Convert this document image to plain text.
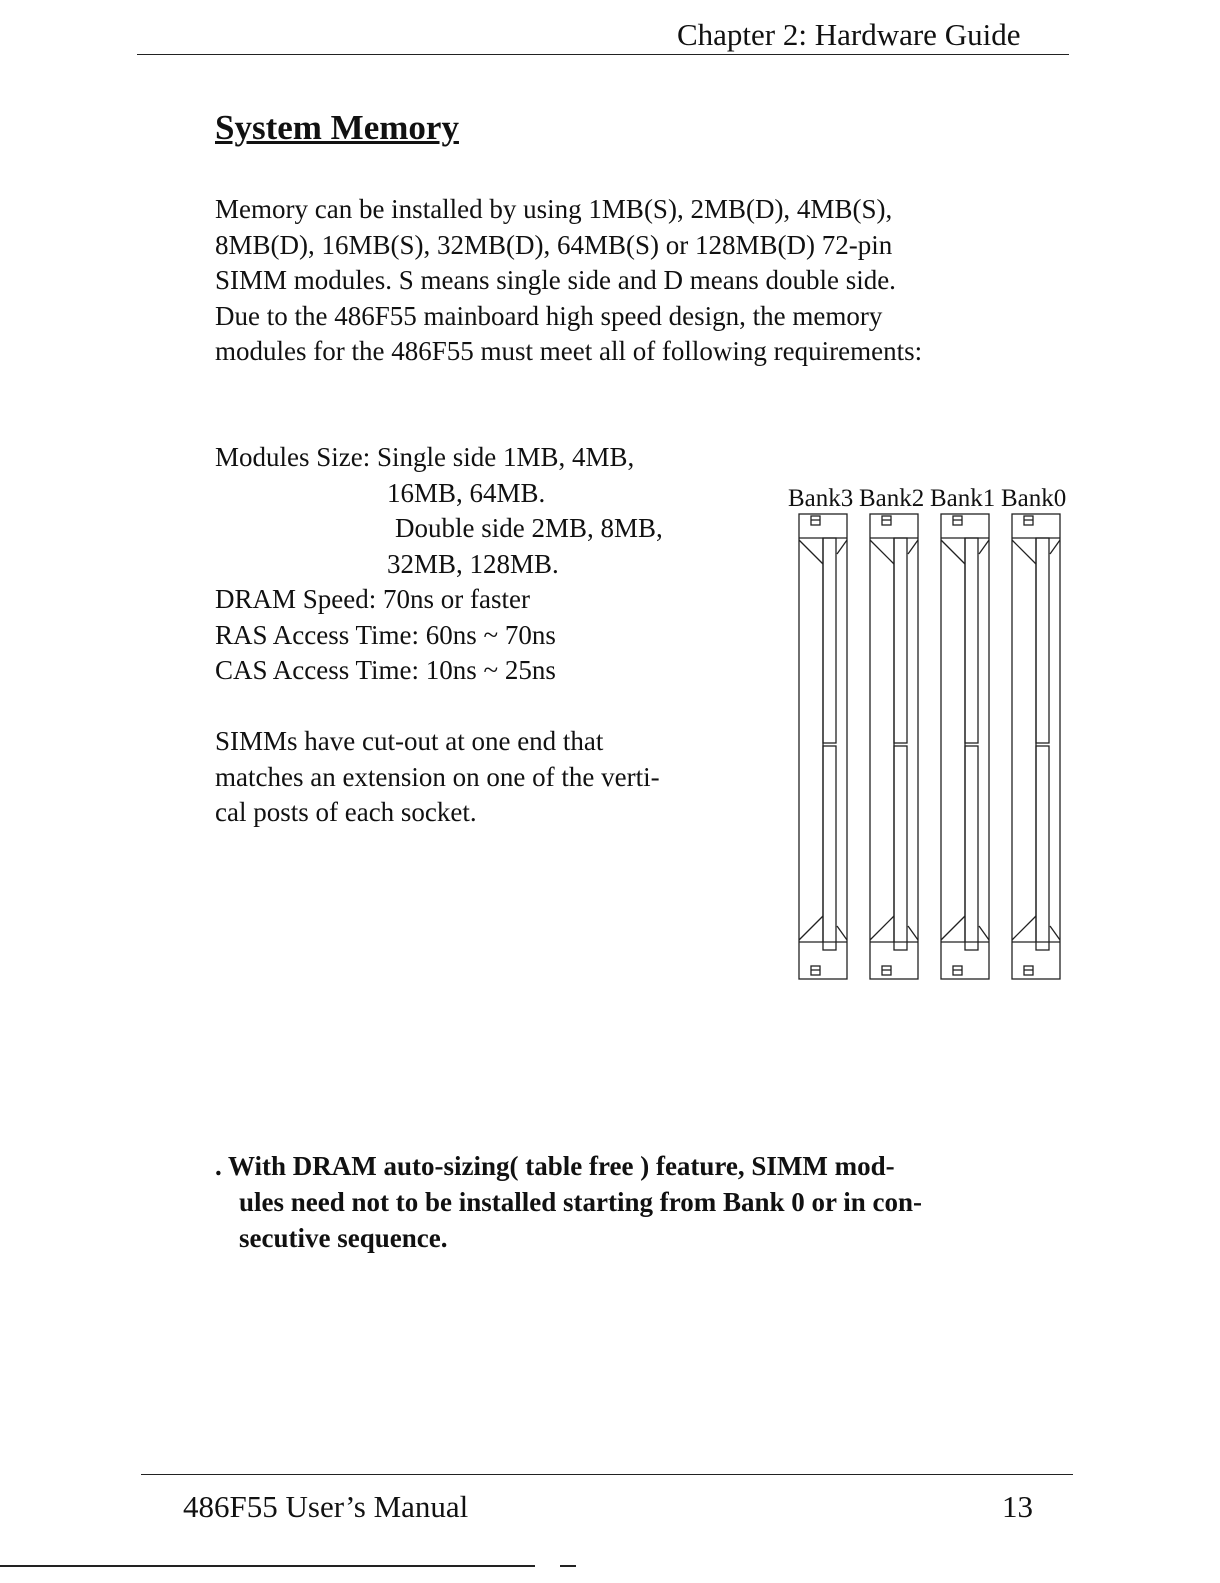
Chapter 2: Hardware Guide
System Memory
Memory can be installed by using 1MB(S), 2MB(D), 4MB(S),
8MB(D), 16MB(S), 32MB(D), 64MB(S) or 128MB(D) 72-pin
SIMM modules. S means single side and D means double side.
Due to the 486F55 mainboard high speed design, the memory
modules for the 486F55 must meet all of following requirements:
Modules Size: Single side 1MB, 4MB,
16MB, 64MB.
Double side 2MB, 8MB,
32MB, 128MB.
DRAM Speed: 70ns or faster
RAS Access Time: 60ns ~ 70ns
CAS Access Time: 10ns ~ 25ns
SIMMs have cut-out at one end that
matches an extension on one of the verti-
cal posts of each socket.
Bank3 Bank2 Bank1 Bank0
. With DRAM auto-sizing( table free ) feature, SIMM mod-
ules need not to be installed starting from Bank 0 or in con-
secutive sequence.
486F55 User’s Manual	13
